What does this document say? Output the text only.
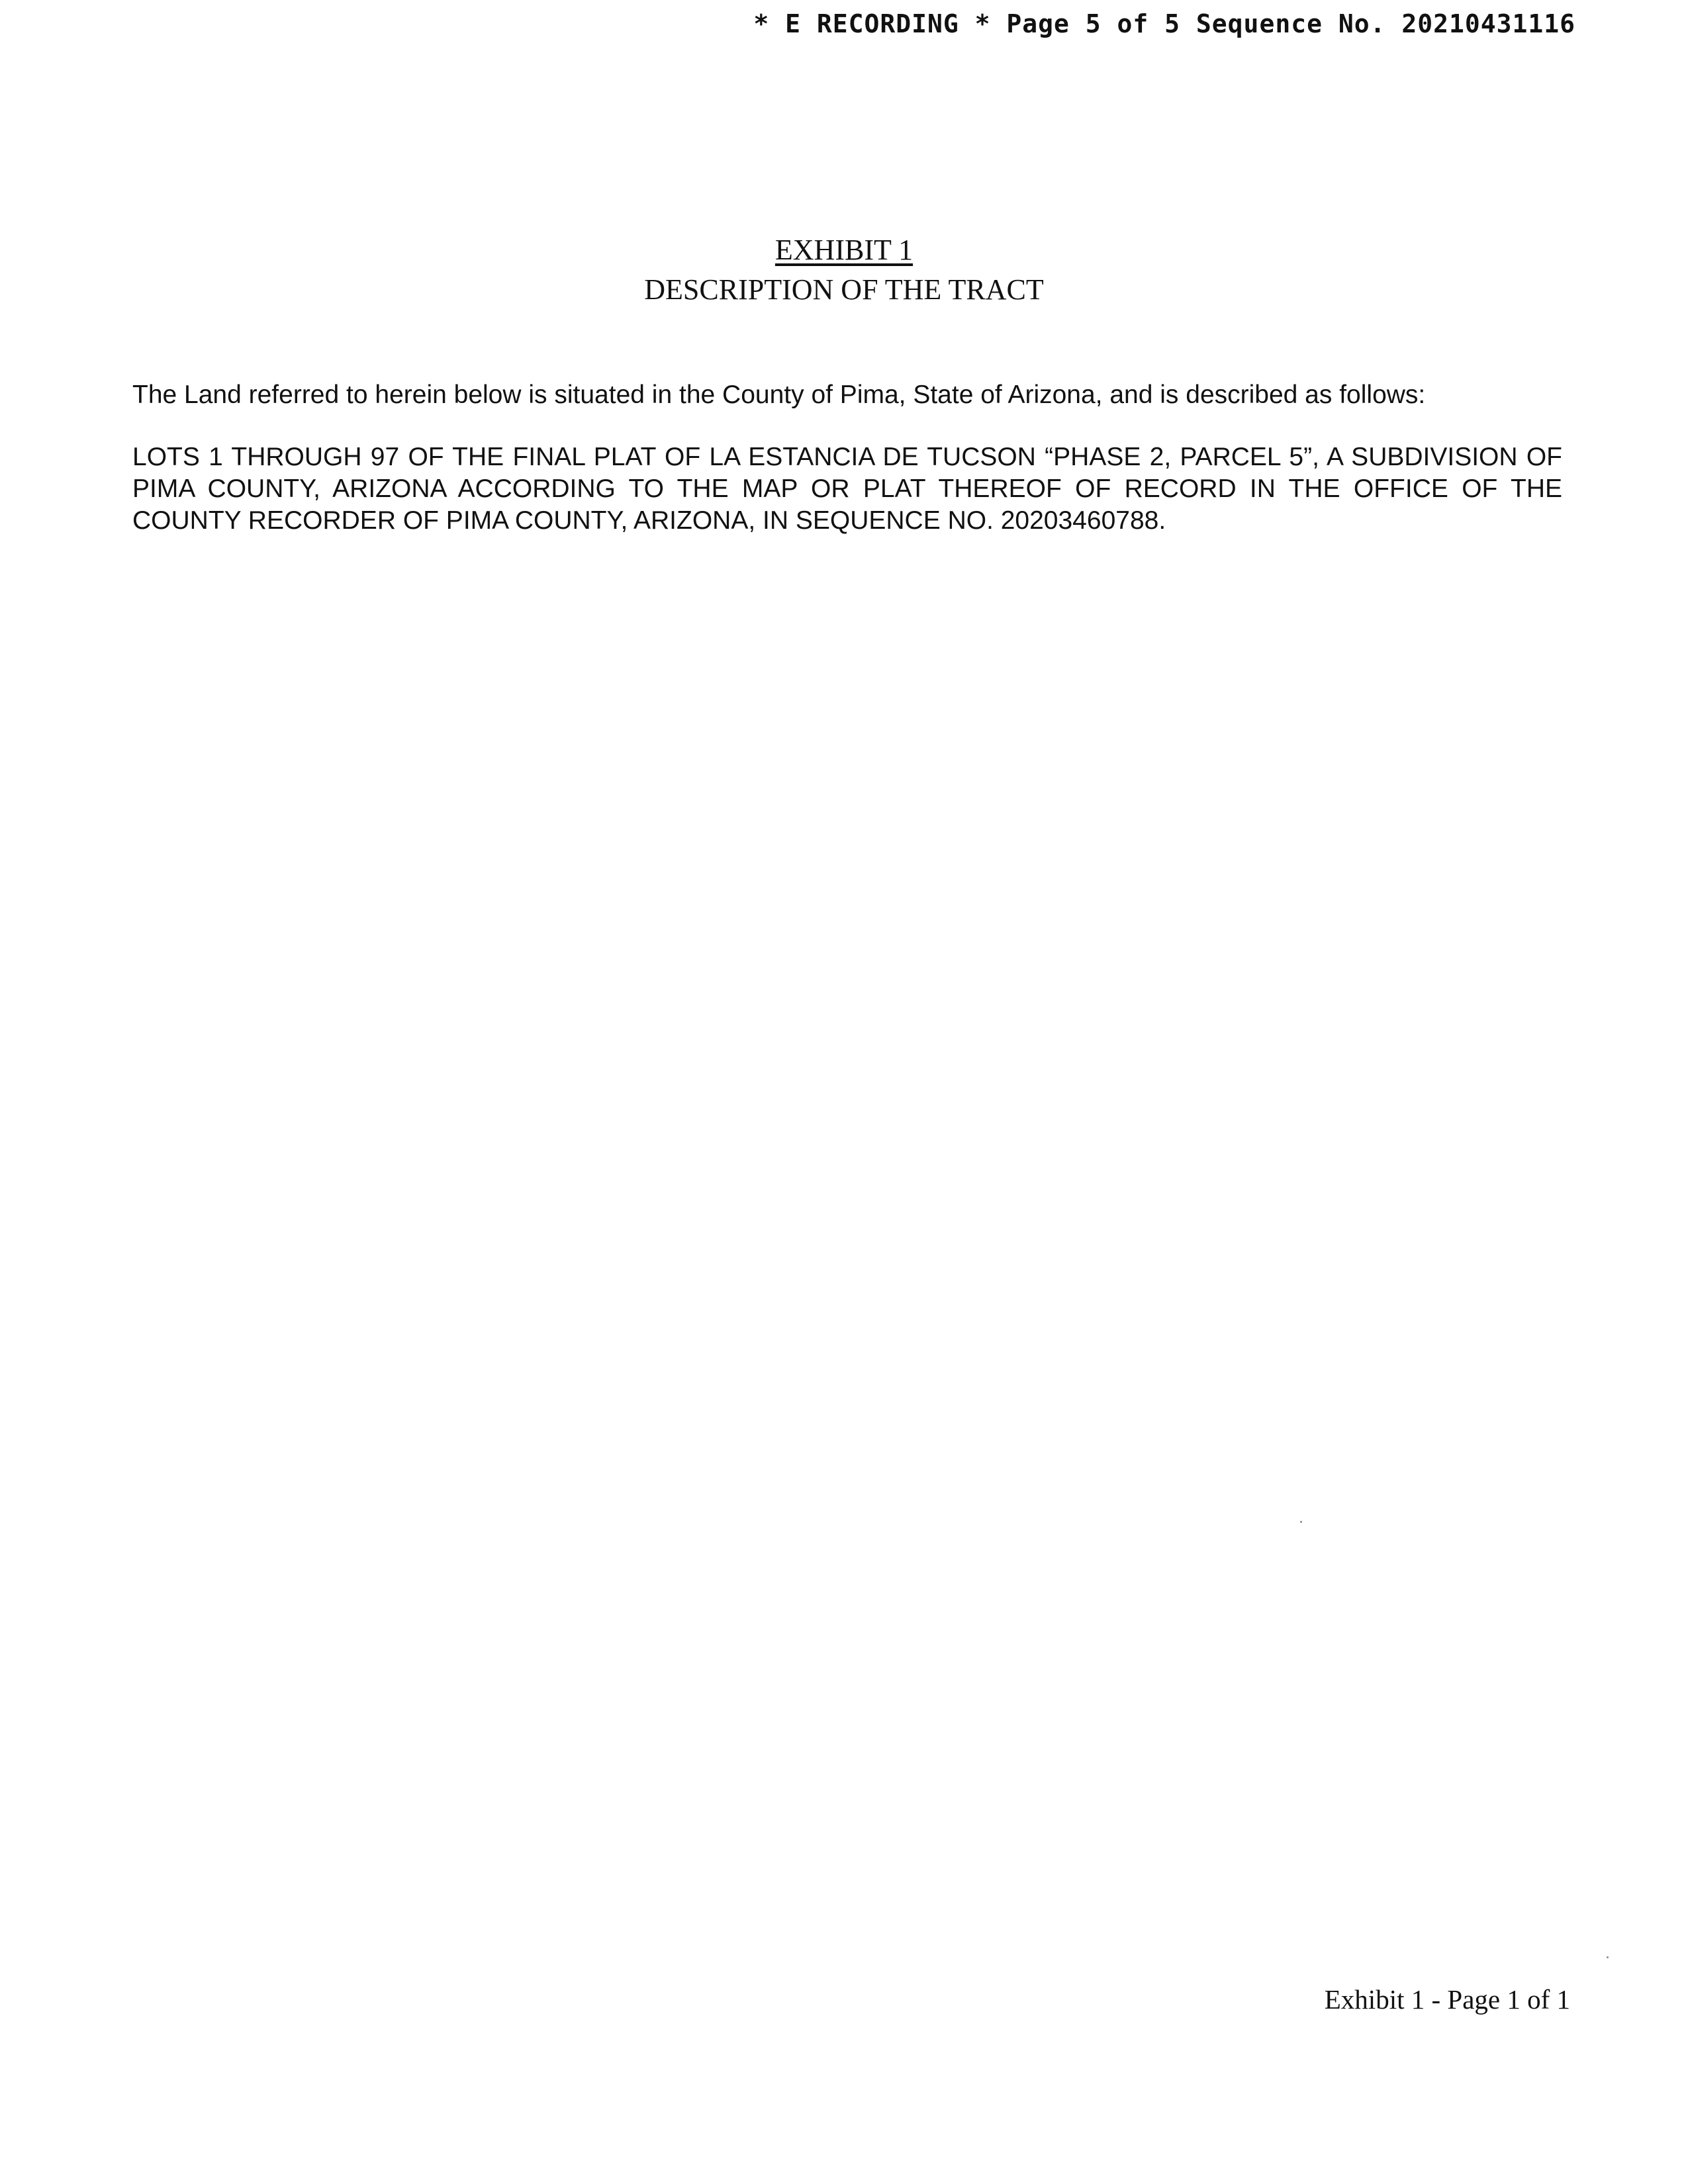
* E RECORDING * Page 5 of 5 Sequence No. 20210431116
EXHIBIT 1
DESCRIPTION OF THE TRACT
The Land referred to herein below is situated in the County of Pima, State of Arizona, and is described as follows:
LOTS 1 THROUGH 97 OF THE FINAL PLAT OF LA ESTANCIA DE TUCSON “PHASE 2, PARCEL 5”, A SUBDIVISION OF PIMA COUNTY, ARIZONA ACCORDING TO THE MAP OR PLAT THEREOF OF RECORD IN THE OFFICE OF THE COUNTY RECORDER OF PIMA COUNTY, ARIZONA, IN SEQUENCE NO. 20203460788.
Exhibit 1 - Page 1 of 1
